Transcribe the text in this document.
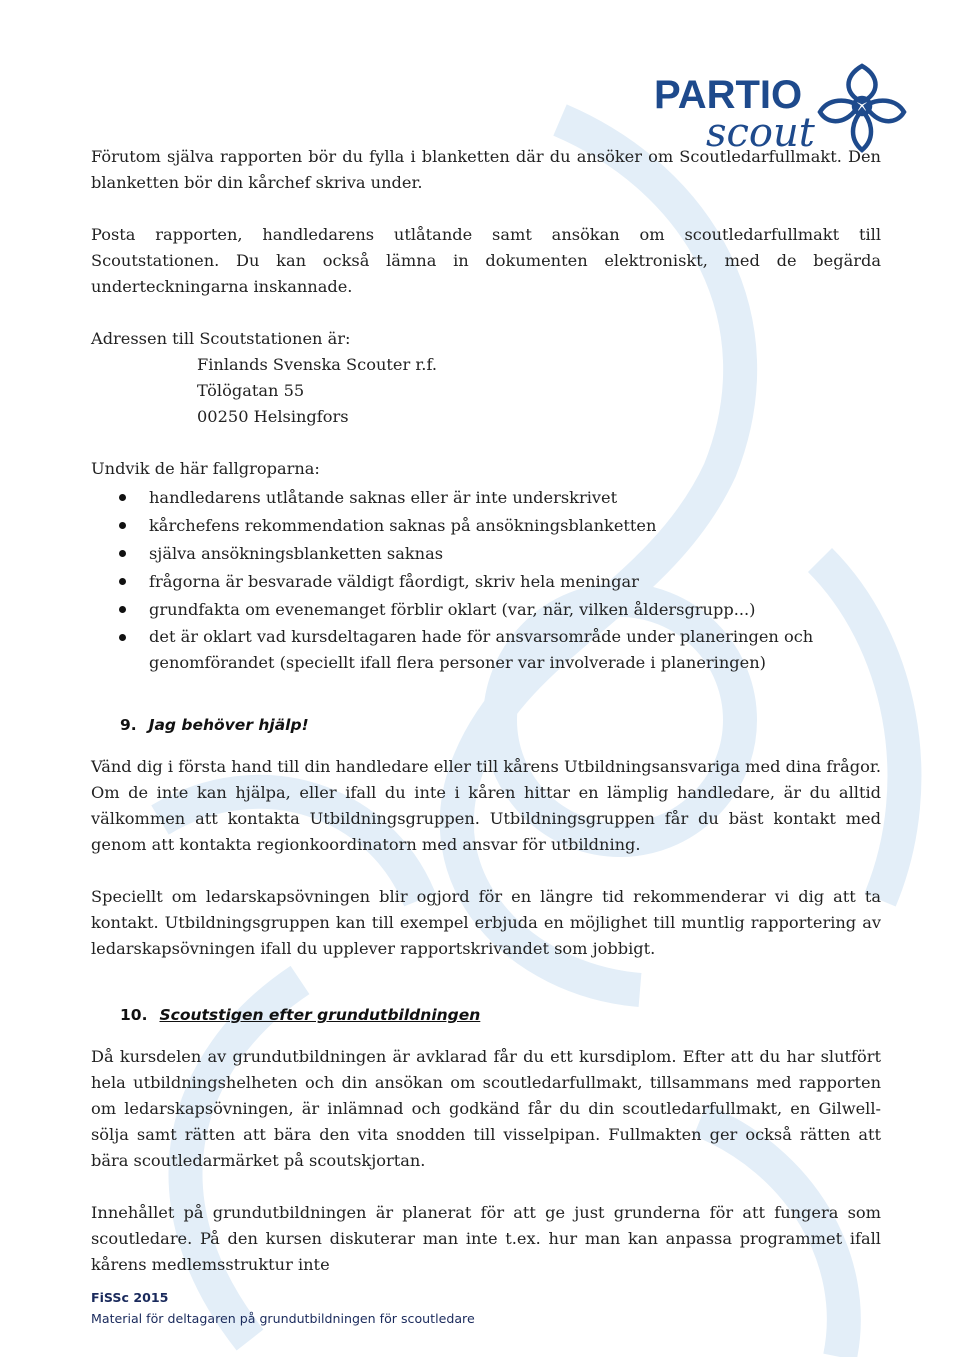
PARTIO
scout

Förutom själva rapporten bör du fylla i blanketten där du ansöker om Scoutledarfullmakt. Den blanketten bör din kårchef skriva under.

Posta rapporten, handledarens utlåtande samt ansökan om scoutledarfullmakt till Scoutstationen. Du kan också lämna in dokumenten elektroniskt, med de begärda underteckningarna inskannade.

Adressen till Scoutstationen är:
Finlands Svenska Scouter r.f.
Tölögatan 55
00250 Helsingfors
Undvik de här fallgroparna:
handledarens utlåtande saknas eller är inte underskrivet
kårchefens rekommendation saknas på ansökningsblanketten
själva ansökningsblanketten saknas
frågorna är besvarade väldigt fåordigt, skriv hela meningar
grundfakta om evenemanget förblir oklart (var, när, vilken åldersgrupp...)
det är oklart vad kursdeltagaren hade för ansvarsområde under planeringen och genomförandet (speciellt ifall flera personer var involverade i planeringen)
9. Jag behöver hjälp!

Vänd dig i första hand till din handledare eller till kårens Utbildningsansvariga med dina frågor. Om de inte kan hjälpa, eller ifall du inte i kåren hittar en lämplig handledare, är du alltid välkommen att kontakta Utbildningsgruppen. Utbildningsgruppen får du bäst kontakt med genom att kontakta regionkoordinatorn med ansvar för utbildning.

Speciellt om ledarskapsövningen blir ogjord för en längre tid rekommenderar vi dig att ta kontakt. Utbildningsgruppen kan till exempel erbjuda en möjlighet till muntlig rapportering av ledarskapsövningen ifall du upplever rapportskrivandet som jobbigt.

10. Scoutstigen efter grundutbildningen

Då kursdelen av grundutbildningen är avklarad får du ett kursdiplom. Efter att du har slutfört hela utbildningshelheten och din ansökan om scoutledarfullmakt, tillsammans med rapporten om ledarskapsövningen, är inlämnad och godkänd får du din scoutledarfullmakt, en Gilwell-sölja samt rätten att bära den vita snodden till visselpipan. Fullmakten ger också rätten att bära scoutledarmärket på scoutskjortan.

Innehållet på grundutbildningen är planerat för att ge just grunderna för att fungera som scoutledare. På den kursen diskuterar man inte t.ex. hur man kan anpassa programmet ifall kårens medlemsstruktur inte

FiSSc 2015
Material för deltagaren på grundutbildningen för scoutledare
